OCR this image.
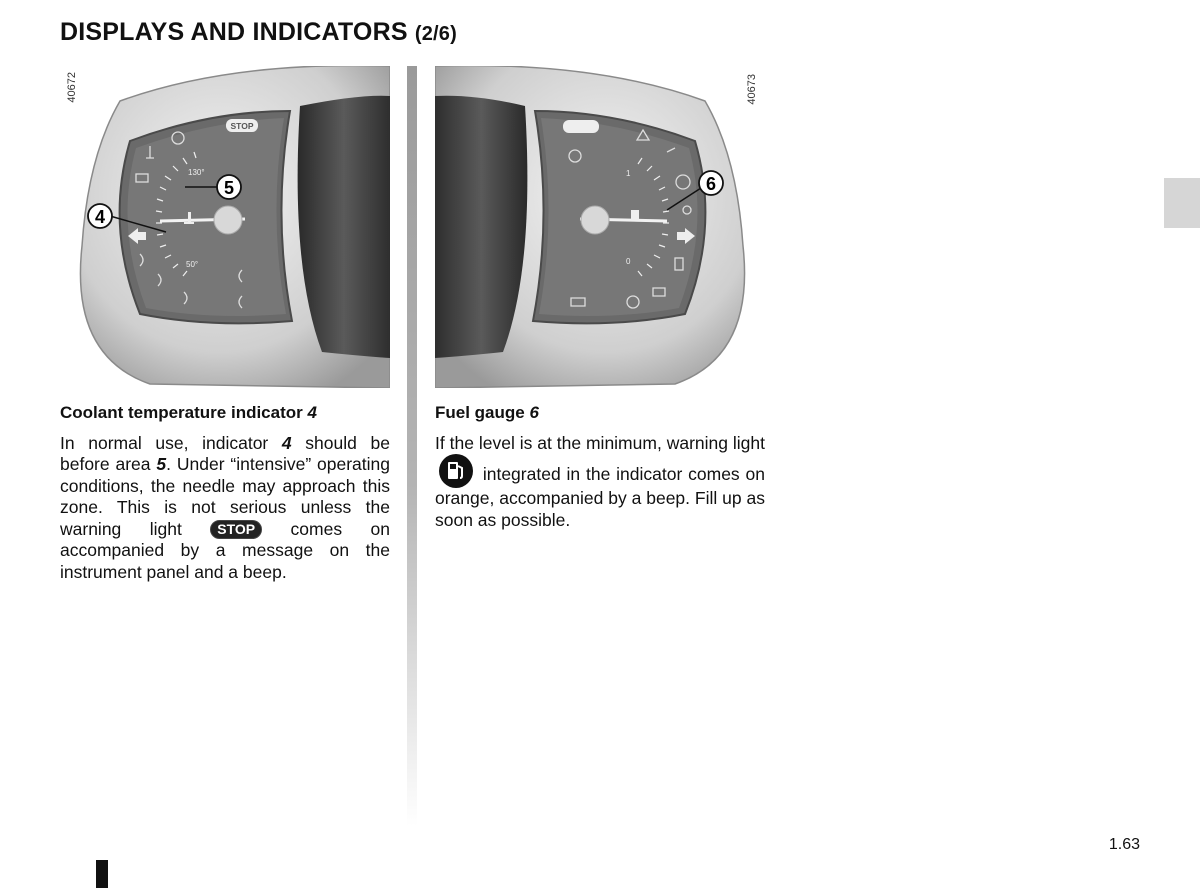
DISPLAYS AND INDICATORS (2/6)
130°
50°
STOP
5
4
40672
1
0
6
40673
Coolant temperature indicator 4

In normal use, indicator 4 should be before area 5. Under “intensive” operating conditions, the needle may approach this zone. This is not serious unless the warning light STOP comes on accompanied by a message on the instrument panel and a beep.

Fuel gauge 6

If the level is at the minimum, warning light
integrated in the indicator comes on orange, accompanied by a beep. Fill up as soon as possible.

1.63
